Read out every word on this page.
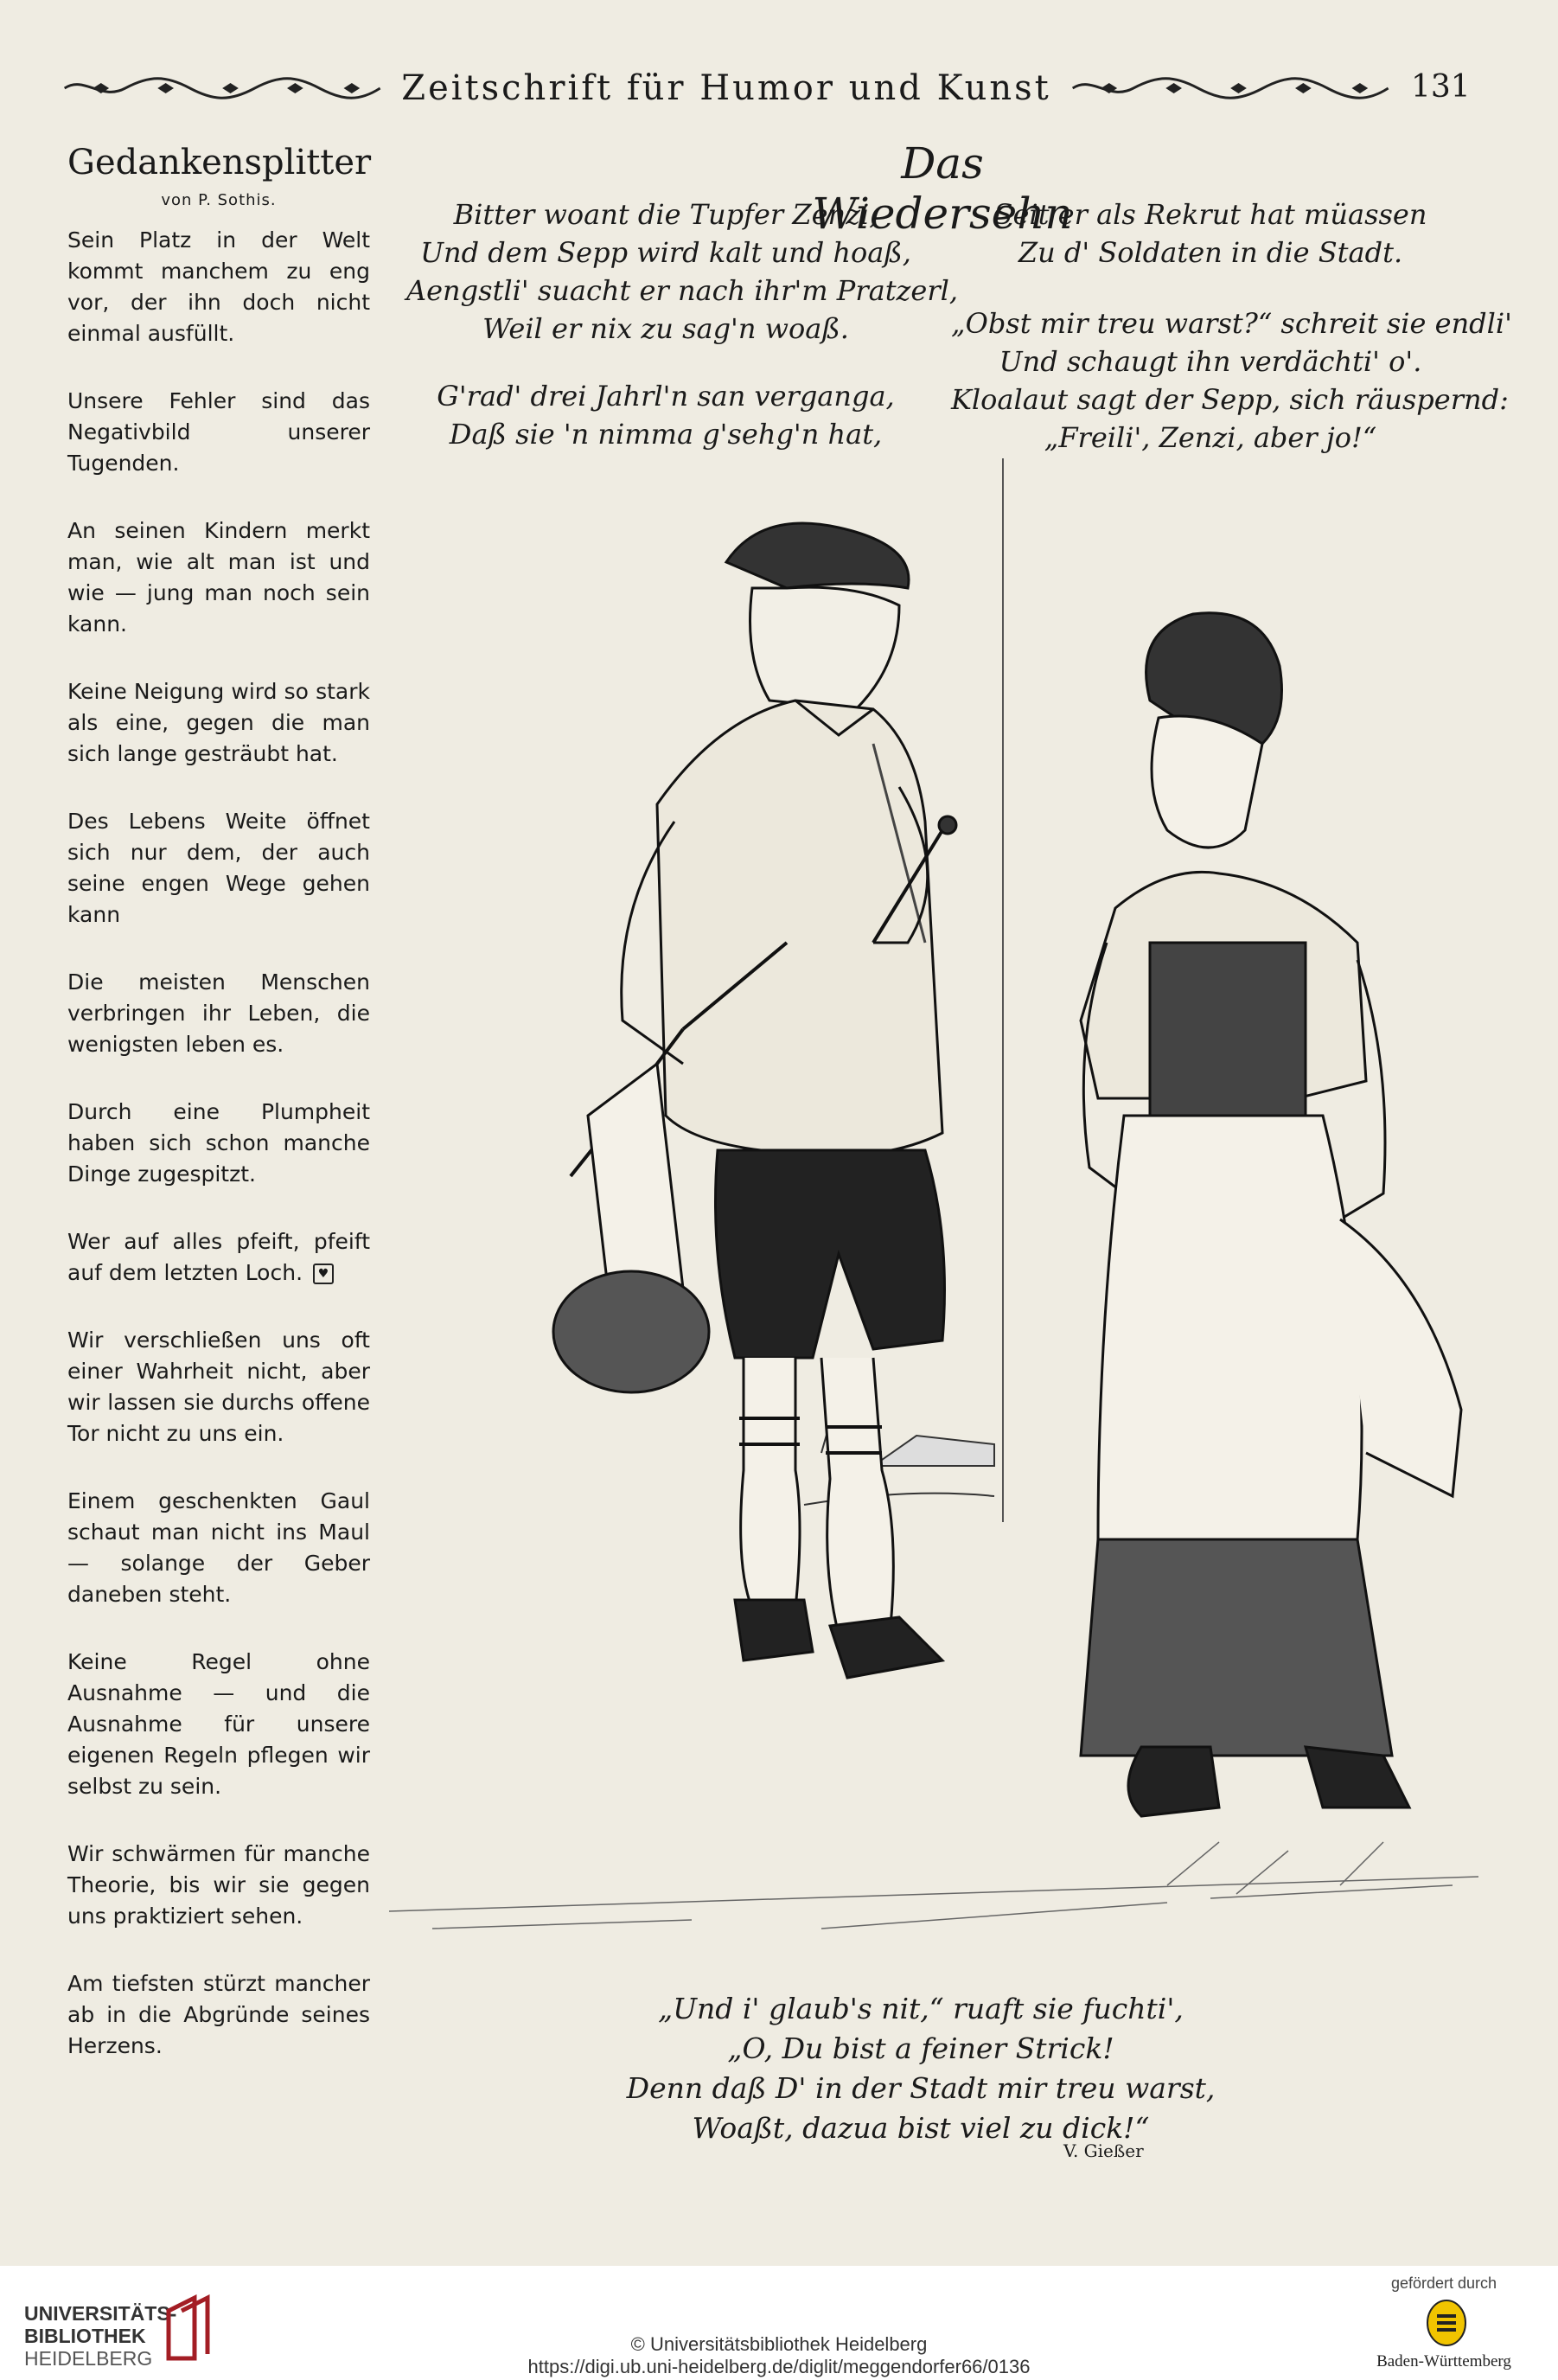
Zeitschrift für Humor und Kunst	131
Gedankensplitter
von P. Sothis.

Sein Platz in der Welt kommt manchem zu eng vor, der ihn doch nicht einmal ausfüllt.

Unsere Fehler sind das Negativbild unserer Tugenden.

An seinen Kindern merkt man, wie alt man ist und wie — jung man noch sein kann.

Keine Neigung wird so stark als eine, gegen die man sich lange gesträubt hat.

Des Lebens Weite öffnet sich nur dem, der auch seine engen Wege gehen kann

Die meisten Menschen verbringen ihr Leben, die wenigsten leben es.

Durch eine Plumpheit haben sich schon manche Dinge zugespitzt.

Wer auf alles pfeift, pfeift auf dem letzten Loch. ♥

Wir verschließen uns oft einer Wahrheit nicht, aber wir lassen sie durchs offene Tor nicht zu uns ein.

Einem geschenkten Gaul schaut man nicht ins Maul — solange der Geber daneben steht.

Keine Regel ohne Ausnahme — und die Ausnahme für unsere eigenen Regeln pflegen wir selbst zu sein.

Wir schwärmen für manche Theorie, bis wir sie gegen uns praktiziert sehen.

Am tiefsten stürzt mancher ab in die Abgründe seines Herzens.

Das Wiedersehn
Bitter woant die Tupfer Zenzi,
Und dem Sepp wird kalt und hoaß,
Aengstli' suacht er nach ihr'm Pratzerl,
Weil er nix zu sag'n woaß.
G'rad' drei Jahrl'n san verganga,
Daß sie 'n nimma g'sehg'n hat,
Seit er als Rekrut hat müassen
Zu d' Soldaten in die Stadt.
„Obst mir treu warst?“ schreit sie endli'
Und schaugt ihn verdächti' o'.
Kloalaut sagt der Sepp, sich räuspernd:
„Freili', Zenzi, aber jo!“
„Und i' glaub's nit,“ ruaft sie fuchti',
„O, Du bist a feiner Strick!
Denn daß D' in der Stadt mir treu warst,
Woaßt, dazua bist viel zu dick!“
V. Gießer
UNIVERSITÄTS-
BIBLIOTHEK
HEIDELBERG
© Universitätsbibliothek Heidelberg
https://digi.ub.uni-heidelberg.de/diglit/meggendorfer66/0136
gefördert durch
Baden-Württemberg
